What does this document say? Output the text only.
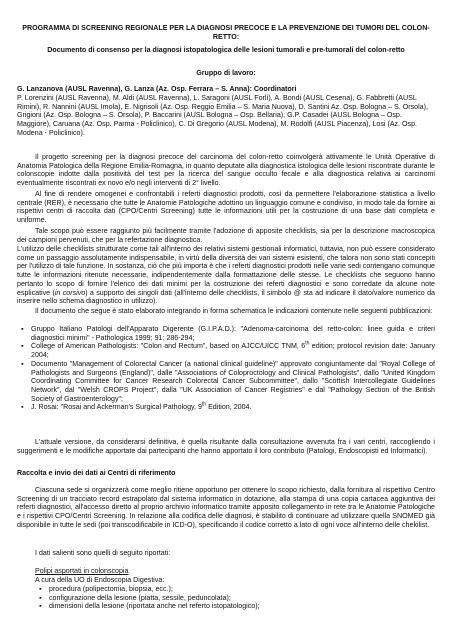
PROGRAMMA DI SCREENING REGIONALE PER LA DIAGNOSI PRECOCE E LA PREVENZIONE DEI TUMORI DEL COLON-RETTO:

Documento di consenso per la diagnosi istopatologica delle lesioni tumorali e pre-tumorali del colon-retto

Gruppo di lavoro:

G. Lanzanova (AUSL Ravenna), G. Lanza (Az. Osp. Ferrara – S. Anna): Coordinatori

P. Lorenzini (AUSL Ravenna), M. Aldi (AUSL Ravenna), L. Saragoni (AUSL Forlì), A. Bondi (AUSL Cesena), G. Fabbretti (AUSL Rimini), R. Nannini (AUSL Imola), E. Nigrisoli (Az. Osp. Reggio Emilia – S. Maria Nuova), D. Santini Az. Osp. Bologna – S. Orsola), Grigioni (Az. Osp. Bologna – S. Orsola), P. Baccarini (AUSL Bologna – Osp. Bellaria), G.P. Casadei (AUSL Bologna – Osp. Maggiore), Caruana (Az. Osp. Parma - Policlinico), C. Di Gregorio (AUSL Modena), M. Rodolfi (AUSL Piacenza), Losi (Az. Osp. Modena - Policlinico).

Il progetto screening per la diagnosi precoce del carcinoma del colon-retto coinvolgerà attivamente le Unità Operative di Anatomia Patologica della Regione Emilia-Romagna, in quanto deputate alla diagnostica istologica delle lesioni riscontrate durante le colonscopie indotte dalla positività del test per la ricerca del sangue occulto fecale e alla diagnostica relativa ai carcinomi eventualmente riscontrati ex novo e/o negli interventi di 2° livello.

Al fine di rendere omogenei e confrontabili i referti diagnostici prodotti, così da permettere l'elaborazione statistica a livello centrale (RER), è necessario che tutte le Anatomie Patologiche adottino un linguaggio comune e condiviso, in modo tale da fornire ai rispettivi centri di raccolta dati (CPO/Centri Screening) tutte le informazioni utili per la costruzione di una base dati completa e uniforme.

Tale scopo può essere raggiunto più facilmente tramite l'adozione di apposite checklists, sia per la descrizione macroscopica dei campioni pervenuti, che per la refertazione diagnostica.

L'utilizzo delle checklists strutturate come tali all'interno dei relativi sistemi gestionali informatici, tuttavia, non può essere considerato come un passaggio assolutamente indispensabile, in virtù della diversità dei vari sistemi esistenti, che talora non sono stati concepiti per l'utilizzo di tale funzione. In sostanza, ciò che più importa è che i referti diagnostici prodotti nelle varie sedi contengano comunque tutte le informazioni ritenute necessarie, indipendentemente dalla formattazione delle stesse. Le checklists che seguono hanno pertanto lo scopo di fornire l'elenco dei dati minimi per la costruzione dei referti diagnostici e sono corredate da alcune note esplicative (in corsivo) a supporto dei singoli dati (all'interno delle checklists, il simbolo @ sta ad indicare il dato/valore numerico da inserire nello schema diagnostico in utilizzo).

Il documento che segue è stato elaborato integrando in forma schematica le indicazioni contenute nelle seguenti pubblicazioni:

▪ Gruppo Italiano Patologi dell'Apparato Digerente (G.I.P.A.D.): "Adenoma-carcinoma del retto-colon: linee guida e criteri diagnostici minimi" - Pathologica 1999; 91: 286-294;
▪ College of American Pathologists: "Colon and Rectum", based on AJCC/UICC TNM, 6th edition; protocol revision date: January 2004;
▪ Documento "Management of Colorectal Cancer (a national clinical guideline)" approvato congiuntamente dal "Royal College of Pathologists and Surgeons (England)", dalle "Associations of Coloproctology and Clinical Pathologists", dallo "United Kingdom Coordinating Committee for Cancer Research Colorectal Cancer Subcommittee", dallo "Scottish Intercollegiate Guidelines Network", dal "Welsh CROPS Project", dalla "UK Association of Cancer Registries" e dal "Pathology Section of the British Society of Gastroenterology";
▪ J. Rosai: "Rosai and Ackerman's Surgical Pathology, 9th Edition, 2004.

L'attuale versione, da considerarsi definitiva, è quella risultante dalla consultazione avvenuta fra i vari centri, raccogliendo i suggerimenti e le modifiche apportate dai partecipanti che hanno apportato il loro contributo (Patologi, Endoscopisti ed Informatici).

Raccolta e invio dei dati ai Centri di riferimento

Ciascuna sede si organizzerà come meglio ritiene opportuno per ottenere lo scopo richiesto, dalla fornitura al rispettivo Centro Screening di un tracciato record estrapolato dal sistema informatico in dotazione, alla stampa di una copia cartacea aggiuntiva dei referti diagnostici, all'accesso diretto al proprio archivio informatico tramite apposito collegamento in rete tra le Anatomie Patologiche e i rispettivi CPO/Centri Screening. In relazione alla codifica delle diagnosi, è stabilito di continuare ad utilizzare quella SNOMED già disponibile in tutte le sedi (poi transcodificabile in ICD-O), specificando il codice corretto a lato di ogni voce all'interno delle chekilist.

I dati salienti sono quelli di seguito riportati:

Polipi asportati in colonscopia

A cura della UO di Endoscopia Digestiva:

▪ procedura (polipectomia, biopsia, ecc.);
▪ configurazione della lesione (piatta, sessile, peduncolata);
▪ dimensioni della lesione (riportata anche nel referto istopatologico);
